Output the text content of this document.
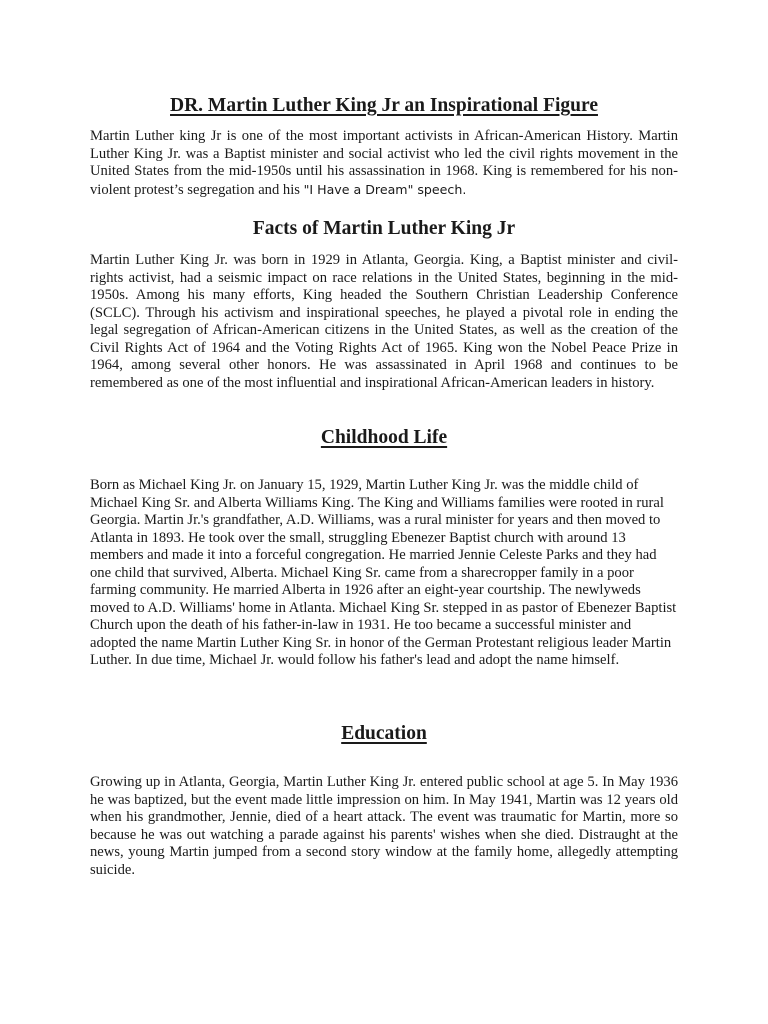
DR. Martin Luther King Jr an Inspirational Figure

Martin Luther king Jr is one of the most important activists in African-American History. Martin Luther King Jr. was a Baptist minister and social activist who led the civil rights movement in the United States from the mid-1950s until his assassination in 1968. King is remembered for his non-violent protest’s segregation and his "I Have a Dream" speech.

Facts of Martin Luther King Jr

Martin Luther King Jr. was born in 1929 in Atlanta, Georgia. King, a Baptist minister and civil-rights activist, had a seismic impact on race relations in the United States, beginning in the mid-1950s. Among his many efforts, King headed the Southern Christian Leadership Conference (SCLC). Through his activism and inspirational speeches, he played a pivotal role in ending the legal segregation of African-American citizens in the United States, as well as the creation of the Civil Rights Act of 1964 and the Voting Rights Act of 1965. King won the Nobel Peace Prize in 1964, among several other honors. He was assassinated in April 1968 and continues to be remembered as one of the most influential and inspirational African-American leaders in history.

Childhood Life

Born as Michael King Jr. on January 15, 1929, Martin Luther King Jr. was the middle child of Michael King Sr. and Alberta Williams King. The King and Williams families were rooted in rural Georgia. Martin Jr.'s grandfather, A.D. Williams, was a rural minister for years and then moved to Atlanta in 1893. He took over the small, struggling Ebenezer Baptist church with around 13 members and made it into a forceful congregation. He married Jennie Celeste Parks and they had one child that survived, Alberta. Michael King Sr. came from a sharecropper family in a poor farming community. He married Alberta in 1926 after an eight-year courtship. The newlyweds moved to A.D. Williams' home in Atlanta. Michael King Sr. stepped in as pastor of Ebenezer Baptist Church upon the death of his father-in-law in 1931. He too became a successful minister and adopted the name Martin Luther King Sr. in honor of the German Protestant religious leader Martin Luther. In due time, Michael Jr. would follow his father's lead and adopt the name himself.

Education

Growing up in Atlanta, Georgia, Martin Luther King Jr. entered public school at age 5. In May 1936 he was baptized, but the event made little impression on him. In May 1941, Martin was 12 years old when his grandmother, Jennie, died of a heart attack. The event was traumatic for Martin, more so because he was out watching a parade against his parents' wishes when she died. Distraught at the news, young Martin jumped from a second story window at the family home, allegedly attempting suicide.
